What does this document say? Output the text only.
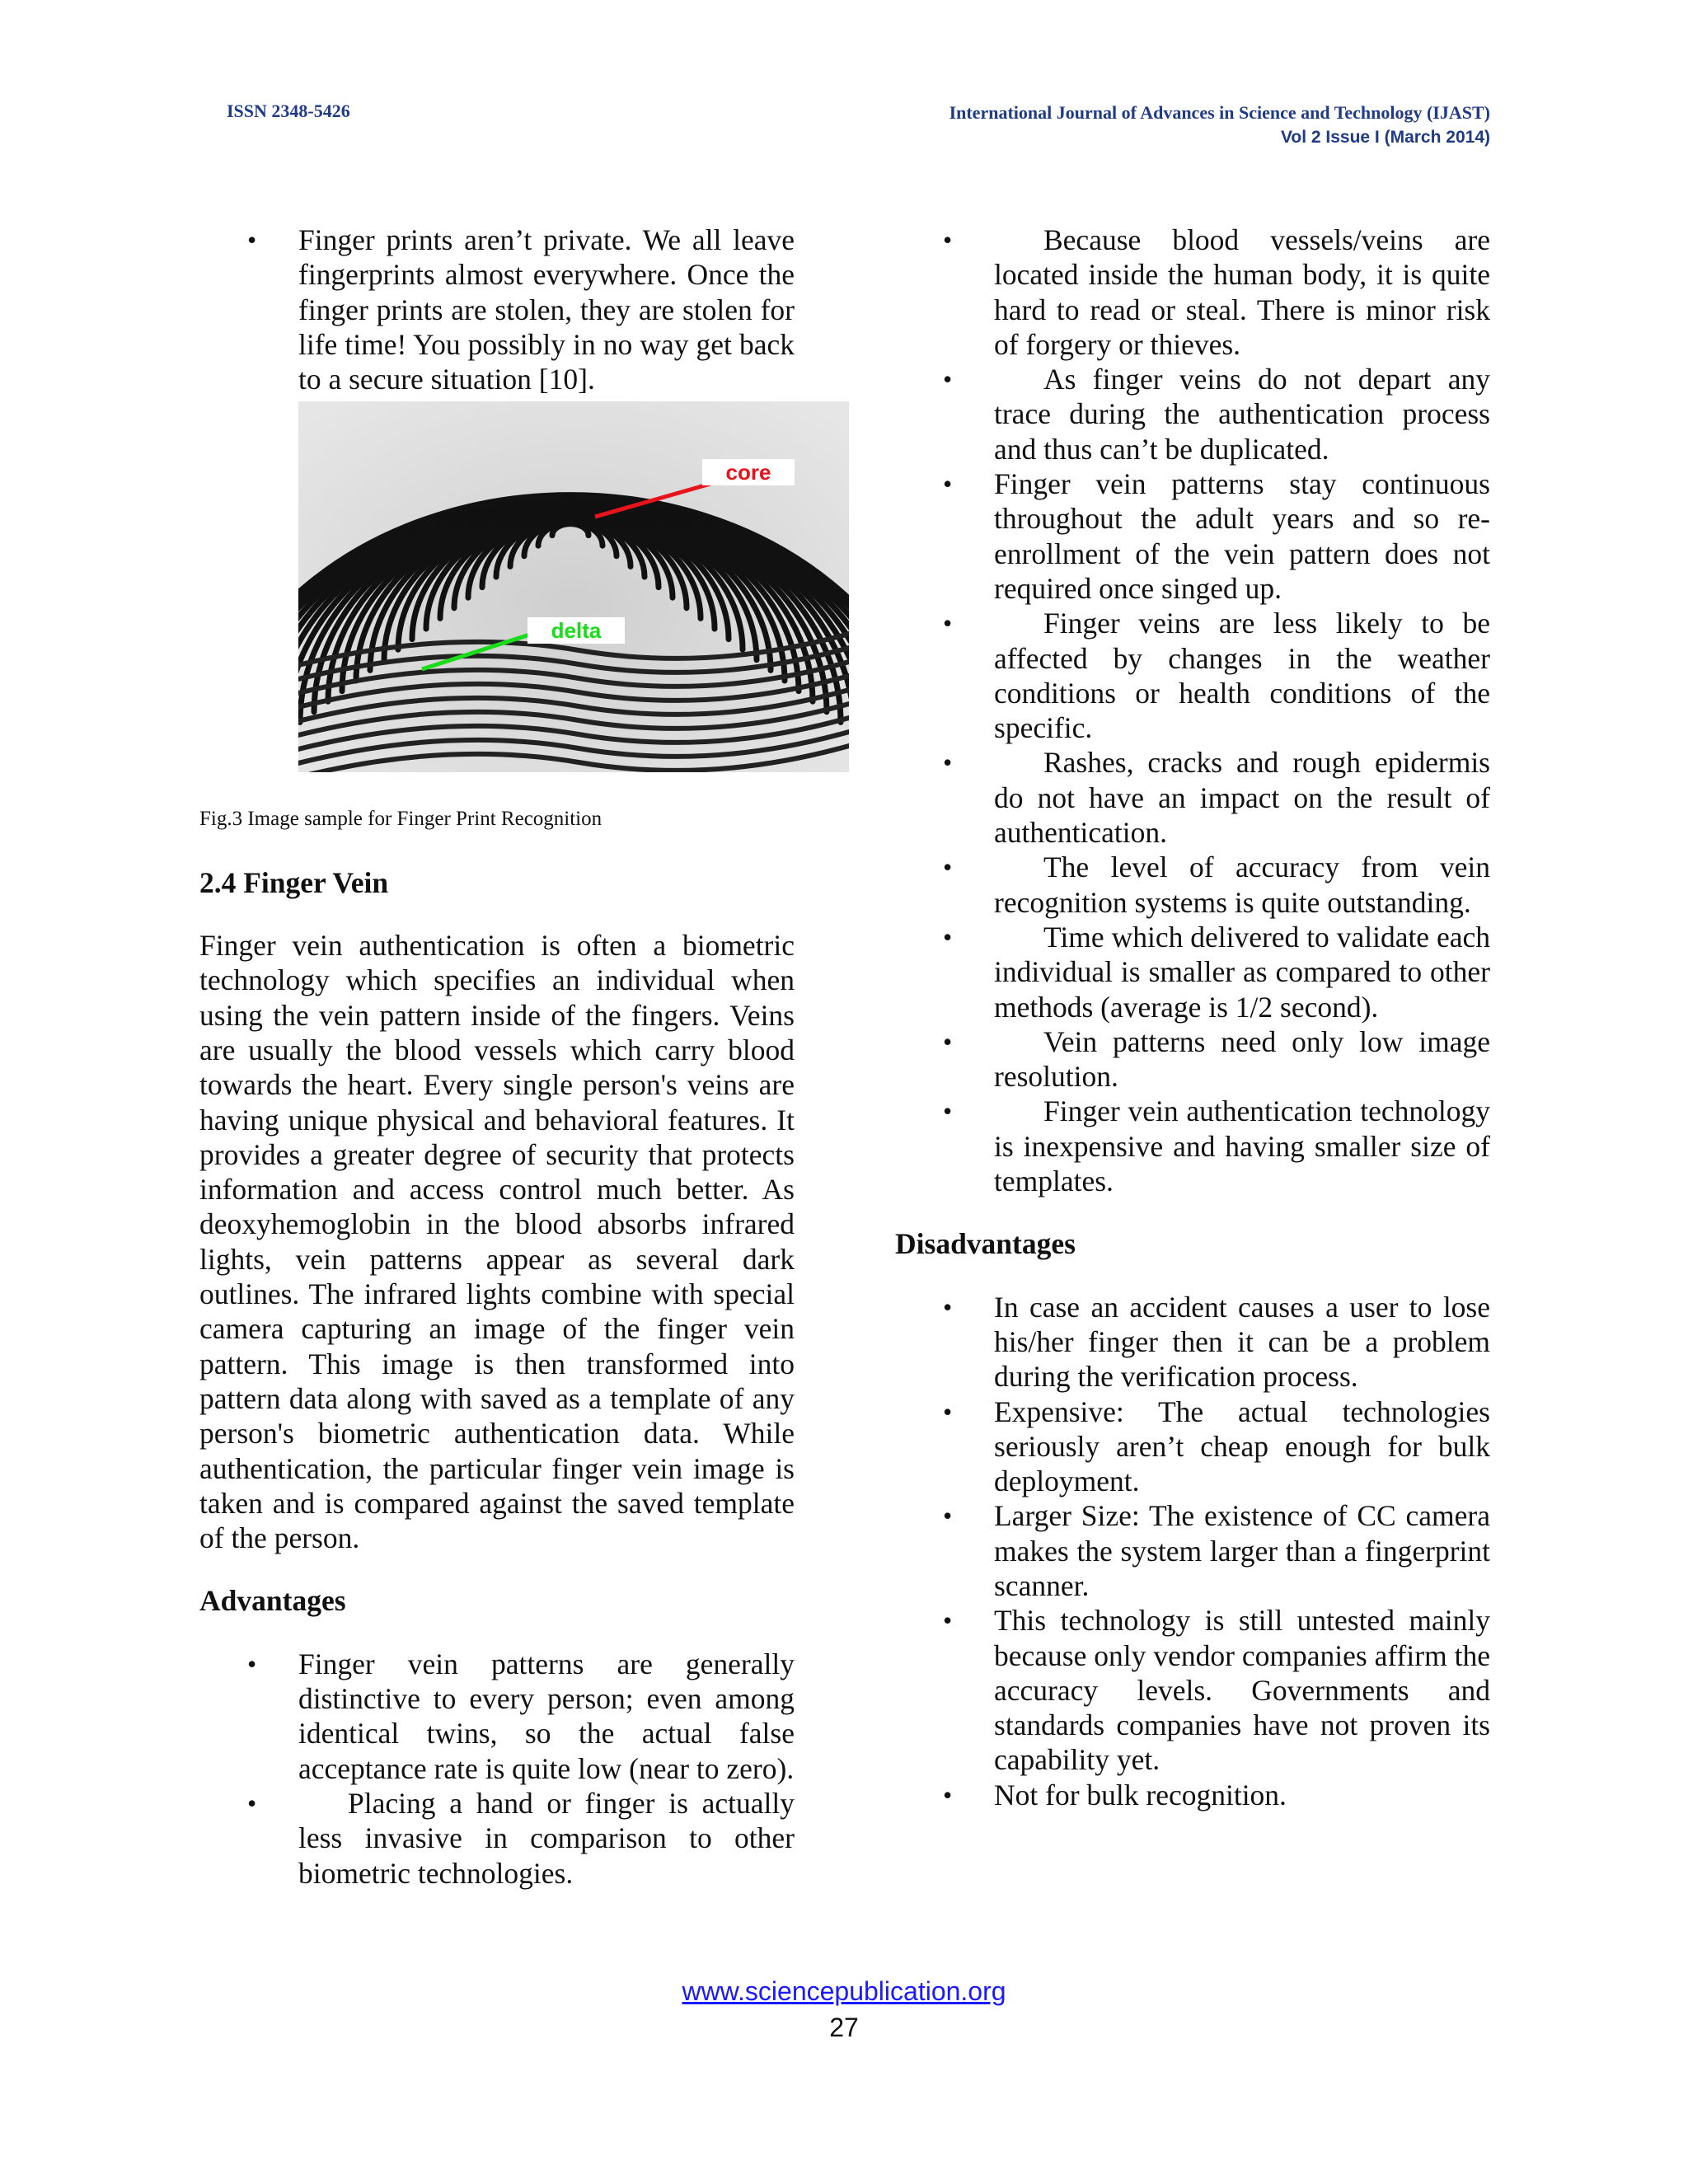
ISSN 2348-5426	International Journal of Advances in Science and Technology (IJAST)
Vol 2 Issue I (March 2014)
• Finger prints aren’t private. We all leave fingerprints almost everywhere. Once the finger prints are stolen, they are stolen for life time! You possibly in no way get back to a secure situation [10].
core
delta
Fig.3 Image sample for Finger Print Recognition
2.4 Finger Vein

Finger vein authentication is often a biometric technology which specifies an individual when using the vein pattern inside of the fingers. Veins are usually the blood vessels which carry blood towards the heart. Every single person's veins are having unique physical and behavioral features. It provides a greater degree of security that protects information and access control much better. As deoxyhemoglobin in the blood absorbs infrared lights, vein patterns appear as several dark outlines. The infrared lights combine with special camera capturing an image of the finger vein pattern. This image is then transformed into pattern data along with saved as a template of any person's biometric authentication data. While authentication, the particular finger vein image is taken and is compared against the saved template of the person.

Advantages
• Finger vein patterns are generally distinctive to every person; even among identical twins, so the actual false acceptance rate is quite low (near to zero).
• Placing a hand or finger is actually less invasive in comparison to other biometric technologies.
• Because blood vessels/veins are located inside the human body, it is quite hard to read or steal. There is minor risk of forgery or thieves.
• As finger veins do not depart any trace during the authentication process and thus can’t be duplicated.
• Finger vein patterns stay continuous throughout the adult years and so re-enrollment of the vein pattern does not required once singed up.
• Finger veins are less likely to be affected by changes in the weather conditions or health conditions of the specific.
• Rashes, cracks and rough epidermis do not have an impact on the result of authentication.
• The level of accuracy from vein recognition systems is quite outstanding.
• Time which delivered to validate each individual is smaller as compared to other methods (average is 1/2 second).
• Vein patterns need only low image resolution.
• Finger vein authentication technology is inexpensive and having smaller size of templates.
Disadvantages
• In case an accident causes a user to lose his/her finger then it can be a problem during the verification process.
• Expensive: The actual technologies seriously aren’t cheap enough for bulk deployment.
• Larger Size: The existence of CC camera makes the system larger than a fingerprint scanner.
• This technology is still untested mainly because only vendor companies affirm the accuracy levels. Governments and standards companies have not proven its capability yet.
• Not for bulk recognition.
www.sciencepublication.org
27
